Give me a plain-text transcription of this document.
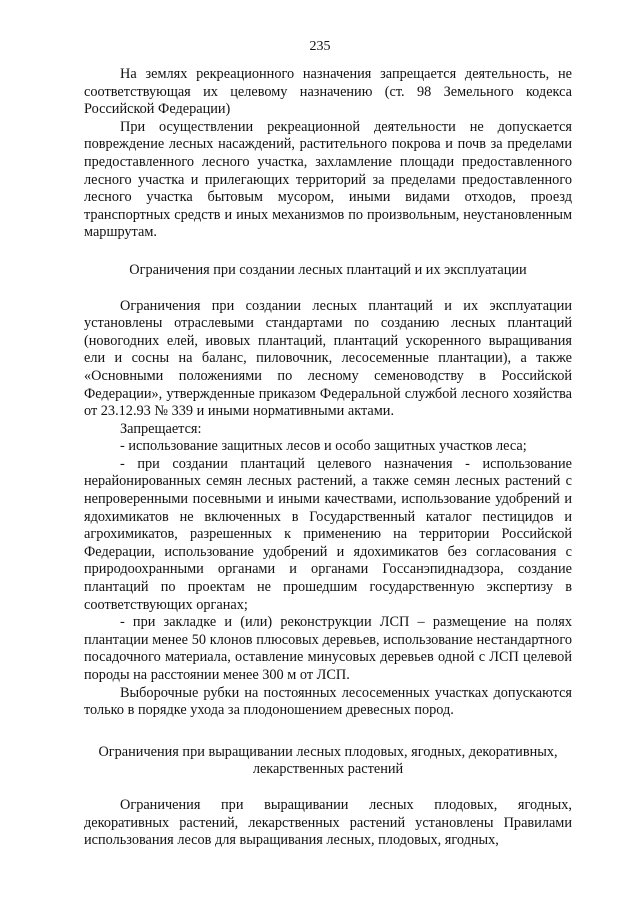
235

На землях рекреационного назначения запрещается деятельность, не соответствующая их целевому назначению (ст. 98 Земельного кодекса Российской Федерации)

При осуществлении рекреационной деятельности не допускается повреждение лесных насаждений, растительного покрова и почв за пределами предоставленного лесного участка, захламление площади предоставленного лесного участка и прилегающих территорий за пределами предоставленного лесного участка бытовым мусором, иными видами отходов, проезд транспортных средств и иных механизмов по произвольным, неустановленным маршрутам.

Ограничения при создании лесных плантаций и их эксплуатации

Ограничения при создании лесных плантаций и их эксплуатации установлены отраслевыми стандартами по созданию лесных плантаций (новогодних елей, ивовых плантаций, плантаций ускоренного выращивания ели и сосны на баланс, пиловочник, лесосеменные плантации), а также «Основными положениями по лесному семеноводству в Российской Федерации», утвержденные приказом Федеральной службой лесного хозяйства от 23.12.93 № 339 и иными нормативными актами.

Запрещается:

- использование защитных лесов и особо защитных участков леса;

- при создании плантаций целевого назначения - использование нерайонированных семян лесных растений, а также семян лесных растений с непроверенными посевными и иными качествами, использование удобрений и ядохимикатов не включенных в Государственный каталог пестицидов и агрохимикатов, разрешенных к применению на территории Российской Федерации, использование удобрений и ядохимикатов без согласования с природоохранными органами и органами Госсанэпиднадзора, создание плантаций по проектам не прошедшим государственную экспертизу в соответствующих органах;

- при закладке и (или) реконструкции ЛСП – размещение на полях плантации менее 50 клонов плюсовых деревьев, использование нестандартного посадочного материала, оставление минусовых деревьев одной с ЛСП целевой породы на расстоянии менее 300 м от ЛСП.

Выборочные рубки на постоянных лесосеменных участках допускаются только в порядке ухода за плодоношением древесных пород.

Ограничения при выращивании лесных плодовых, ягодных, декоративных, лекарственных растений

Ограничения при выращивании лесных плодовых, ягодных, декоративных растений, лекарственных растений установлены Правилами использования лесов для выращивания лесных, плодовых, ягодных,
